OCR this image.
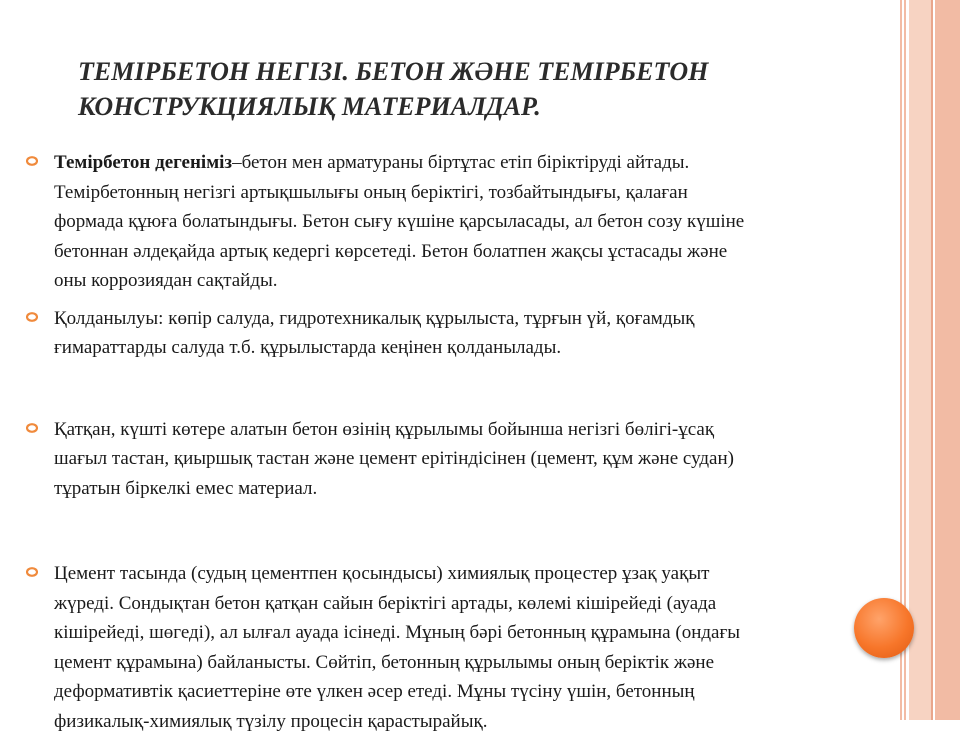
ТЕМІРБЕТОН НЕГІЗІ. БЕТОН ЖӘНЕ ТЕМІРБЕТОН
КОНСТРУКЦИЯЛЫҚ МАТЕРИАЛДАР.
Темірбетон дегеніміз–бетон мен арматураны біртұтас етіп біріктіруді айтады.
Темірбетонның негізгі артықшылығы оның беріктігі, тозбайтындығы, қалаған
формада құюға болатындығы. Бетон сығу күшіне қарсыласады, ал бетон созу күшіне
бетоннан әлдеқайда артық кедергі көрсетеді. Бетон болатпен жақсы ұстасады және
оны коррозиядан сақтайды.
Қолданылуы: көпір салуда, гидротехникалық құрылыста, тұрғын үй, қоғамдық
ғимараттарды салуда т.б. құрылыстарда кеңінен қолданылады.
Қатқан, күшті көтере алатын бетон өзінің құрылымы бойынша негізгі бөлігі-ұсақ
шағыл тастан, қиыршық тастан және цемент ерітіндісінен (цемент, құм және судан)
тұратын біркелкі емес материал.
Цемент тасында (судың цементпен қосындысы) химиялық процестер ұзақ уақыт
жүреді. Сондықтан бетон қатқан сайын беріктігі артады, көлемі кішірейеді (ауада
кішірейеді, шөгеді), ал ылғал ауада ісінеді. Мұның бәрі бетонның құрамына (ондағы
цемент құрамына) байланысты. Сөйтіп, бетонның құрылымы оның беріктік және
деформативтік қасиеттеріне өте үлкен әсер етеді. Мұны түсіну үшін, бетонның
физикалық-химиялық түзілу процесін қарастырайық.
